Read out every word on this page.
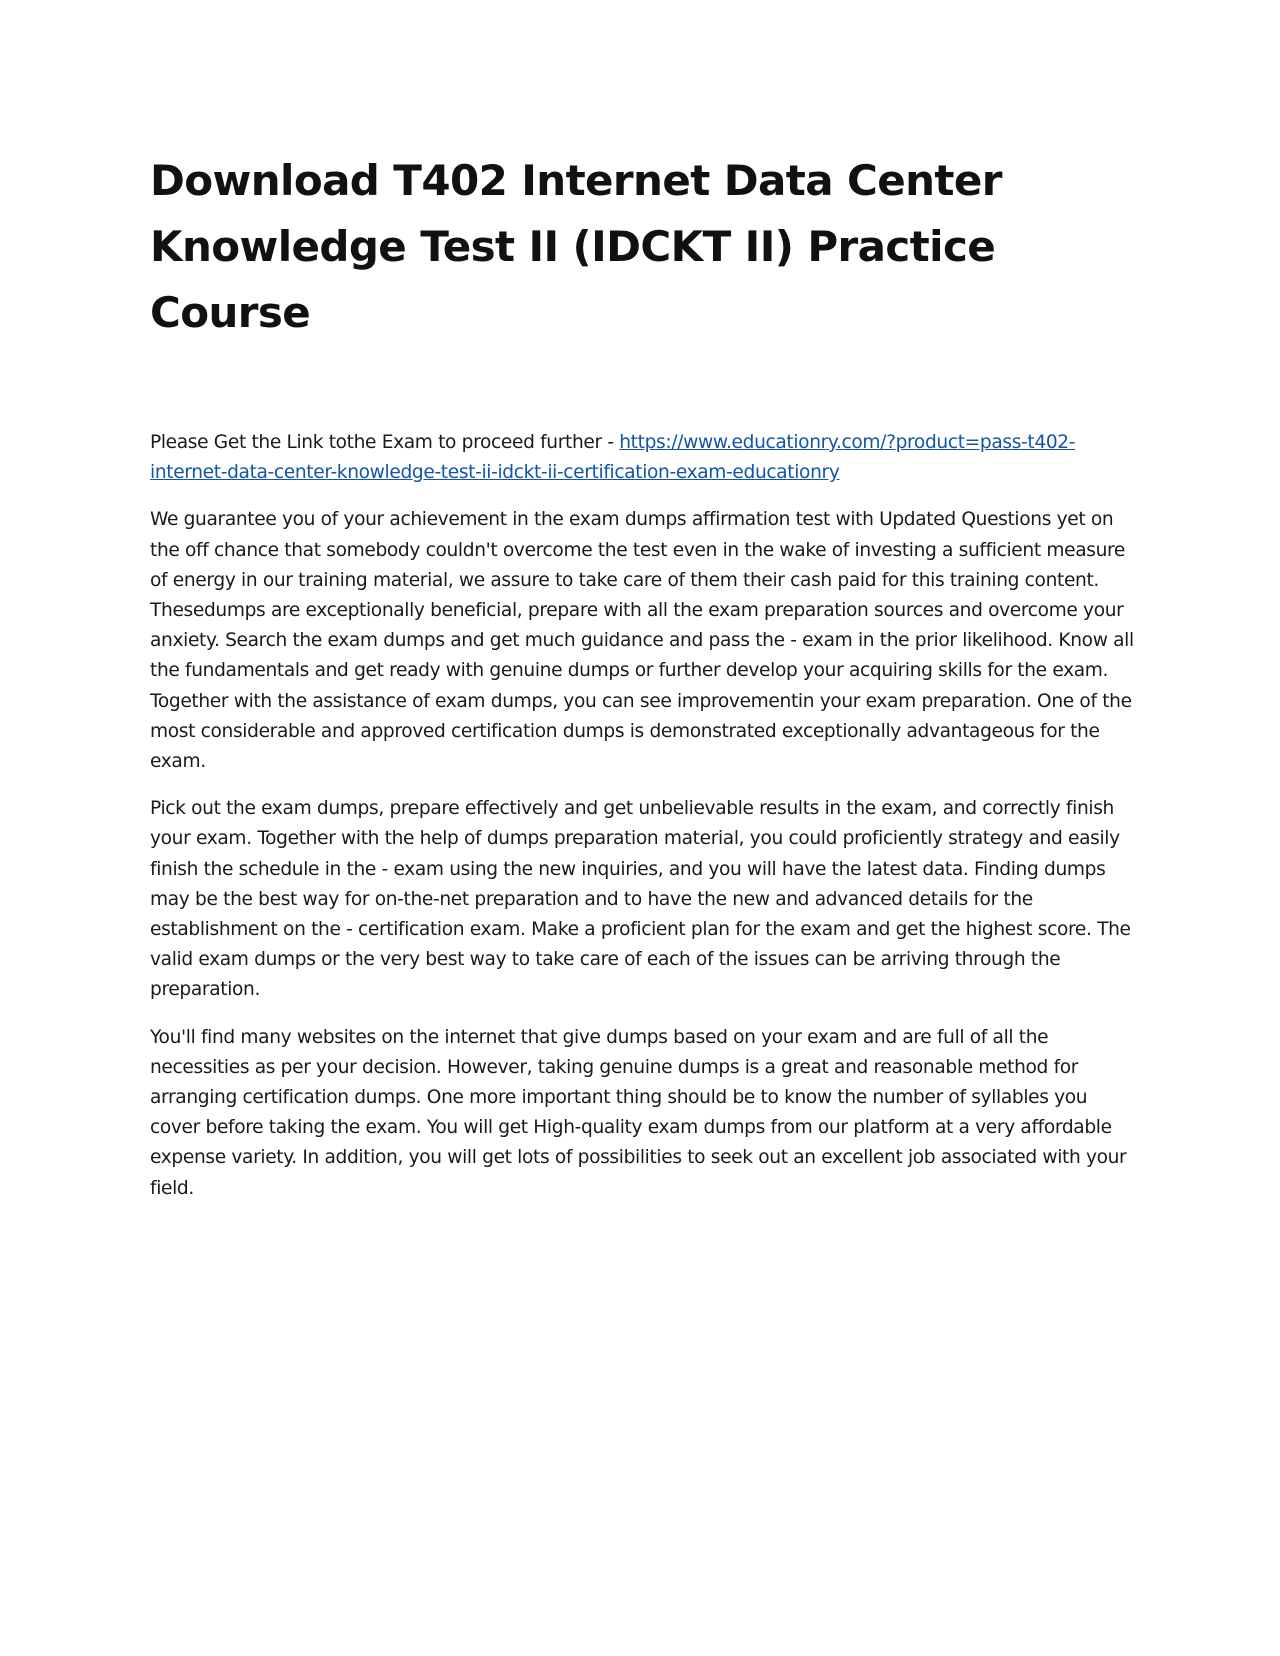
Download T402 Internet Data Center Knowledge Test II (IDCKT II) Practice Course

Please Get the Link tothe Exam to proceed further - https://www.educationry.com/?product=pass-t402-internet-data-center-knowledge-test-ii-idckt-ii-certification-exam-educationry

We guarantee you of your achievement in the exam dumps affirmation test with Updated Questions yet on the off chance that somebody couldn't overcome the test even in the wake of investing a sufficient measure of energy in our training material, we assure to take care of them their cash paid for this training content. Thesedumps are exceptionally beneficial, prepare with all the exam preparation sources and overcome your anxiety. Search the exam dumps and get much guidance and pass the - exam in the prior likelihood. Know all the fundamentals and get ready with genuine dumps or further develop your acquiring skills for the exam. Together with the assistance of exam dumps, you can see improvementin your exam preparation. One of the most considerable and approved certification dumps is demonstrated exceptionally advantageous for the exam.

Pick out the exam dumps, prepare effectively and get unbelievable results in the exam, and correctly finish your exam. Together with the help of dumps preparation material, you could proficiently strategy and easily finish the schedule in the - exam using the new inquiries, and you will have the latest data. Finding dumps may be the best way for on-the-net preparation and to have the new and advanced details for the establishment on the - certification exam. Make a proficient plan for the exam and get the highest score. The valid exam dumps or the very best way to take care of each of the issues can be arriving through the preparation.

You'll find many websites on the internet that give dumps based on your exam and are full of all the necessities as per your decision. However, taking genuine dumps is a great and reasonable method for arranging certification dumps. One more important thing should be to know the number of syllables you cover before taking the exam. You will get High-quality exam dumps from our platform at a very affordable expense variety. In addition, you will get lots of possibilities to seek out an excellent job associated with your field.
